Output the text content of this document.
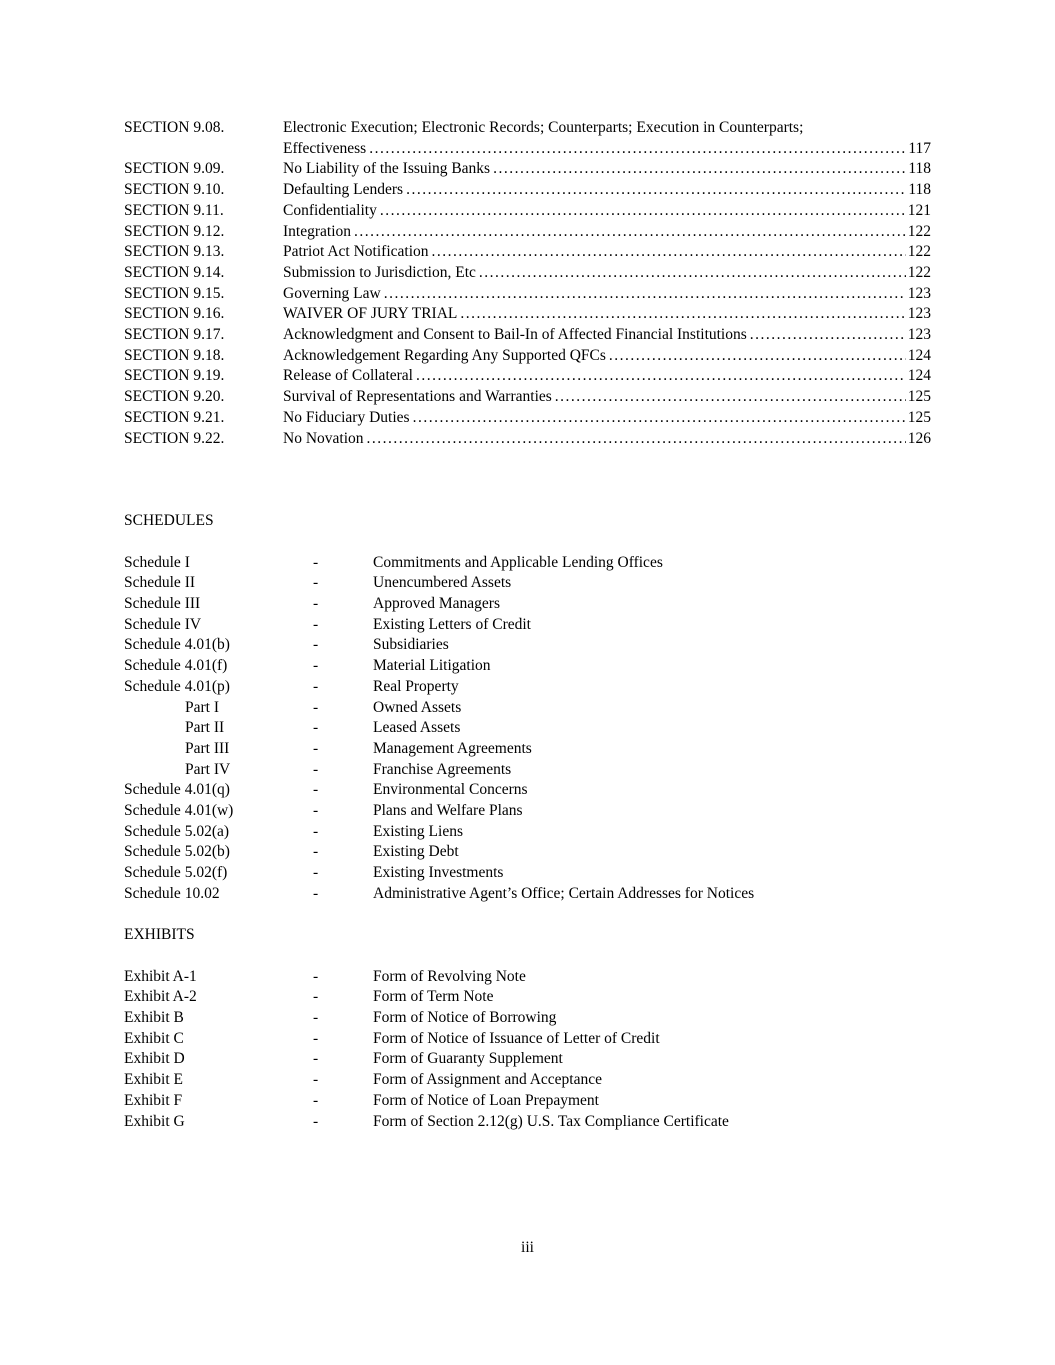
SECTION 9.08.	Electronic Execution; Electronic Records; Counterparts; Execution in Counterparts;
Effectiveness .....	117
SECTION 9.09.	No Liability of the Issuing Banks .....	118
SECTION 9.10.	Defaulting Lenders .....	118
SECTION 9.11.	Confidentiality .....	121
SECTION 9.12.	Integration .....	122
SECTION 9.13.	Patriot Act Notification .....	122
SECTION 9.14.	Submission to Jurisdiction, Etc .....	122
SECTION 9.15.	Governing Law .....	123
SECTION 9.16.	WAIVER OF JURY TRIAL .....	123
SECTION 9.17.	Acknowledgment and Consent to Bail-In of Affected Financial Institutions .....	123
SECTION 9.18.	Acknowledgement Regarding Any Supported QFCs .....	124
SECTION 9.19.	Release of Collateral .....	124
SECTION 9.20.	Survival of Representations and Warranties .....	125
SECTION 9.21.	No Fiduciary Duties .....	125
SECTION 9.22.	No Novation .....	126
SCHEDULES
Schedule I	-	Commitments and Applicable Lending Offices
Schedule II	-	Unencumbered Assets
Schedule III	-	Approved Managers
Schedule IV	-	Existing Letters of Credit
Schedule 4.01(b)	-	Subsidiaries
Schedule 4.01(f)	-	Material Litigation
Schedule 4.01(p)	-	Real Property
Part I	-	Owned Assets
Part II	-	Leased Assets
Part III	-	Management Agreements
Part IV	-	Franchise Agreements
Schedule 4.01(q)	-	Environmental Concerns
Schedule 4.01(w)	-	Plans and Welfare Plans
Schedule 5.02(a)	-	Existing Liens
Schedule 5.02(b)	-	Existing Debt
Schedule 5.02(f)	-	Existing Investments
Schedule 10.02	-	Administrative Agent’s Office; Certain Addresses for Notices
EXHIBITS
Exhibit A-1	-	Form of Revolving Note
Exhibit A-2	-	Form of Term Note
Exhibit B	-	Form of Notice of Borrowing
Exhibit C	-	Form of Notice of Issuance of Letter of Credit
Exhibit D	-	Form of Guaranty Supplement
Exhibit E	-	Form of Assignment and Acceptance
Exhibit F	-	Form of Notice of Loan Prepayment
Exhibit G	-	Form of Section 2.12(g) U.S. Tax Compliance Certificate
iii
